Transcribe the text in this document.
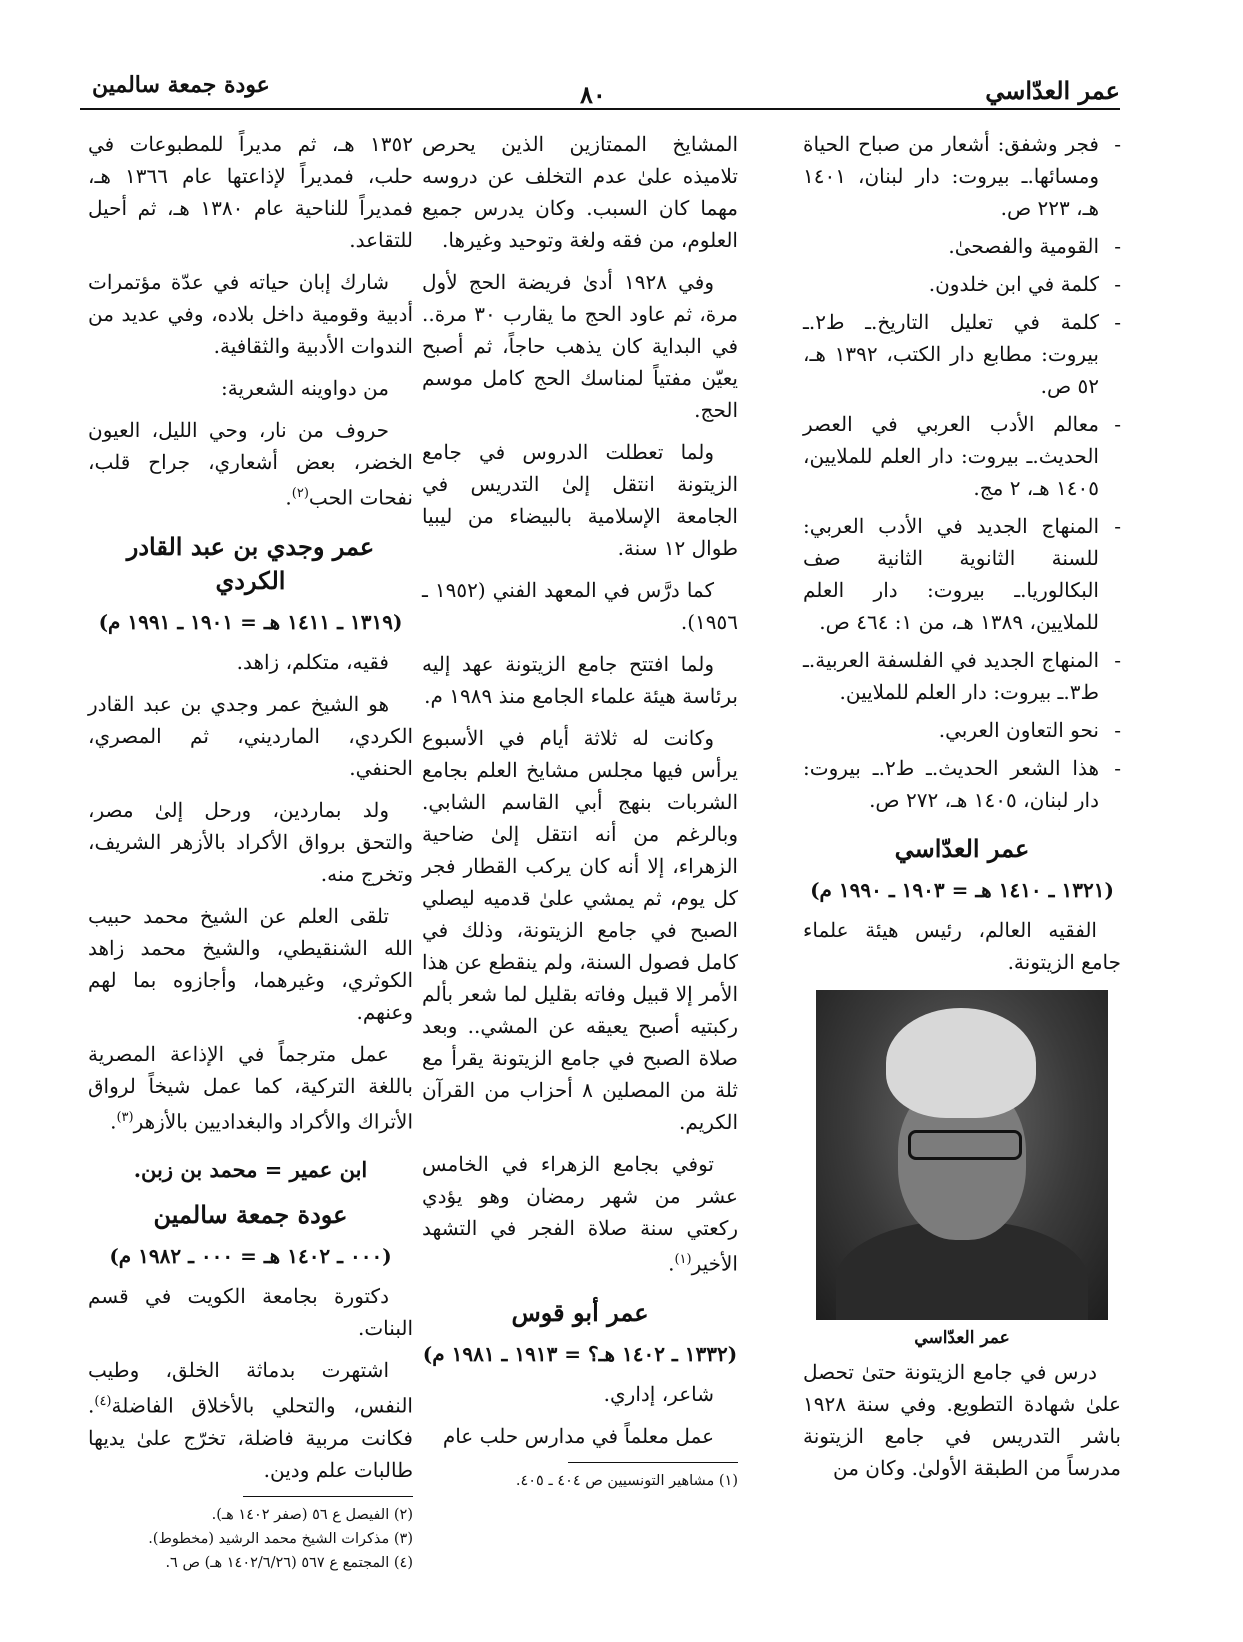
عمر العدّاسي
٨٠
عودة جمعة سالمين
- فجر وشفق: أشعار من صباح الحياة ومسائها.ـ بيروت: دار لبنان، ١٤٠١ هـ، ٢٢٣ ص.
- القومية والفصحىٰ.
- كلمة في ابن خلدون.
- كلمة في تعليل التاريخ.ـ ط٢.ـ بيروت: مطابع دار الكتب، ١٣٩٢ هـ، ٥٢ ص.
- معالم الأدب العربي في العصر الحديث.ـ بيروت: دار العلم للملايين، ١٤٠٥ هـ، ٢ مج.
- المنهاج الجديد في الأدب العربي: للسنة الثانوية الثانية صف البكالوريا.ـ بيروت: دار العلم للملايين، ١٣٨٩ هـ، من ١: ٤٦٤ ص.
- المنهاج الجديد في الفلسفة العربية.ـ ط٣.ـ بيروت: دار العلم للملايين.
- نحو التعاون العربي.
- هذا الشعر الحديث.ـ ط٢.ـ بيروت: دار لبنان، ١٤٠٥ هـ، ٢٧٢ ص.
عمر العدّاسي
(١٣٢١ ـ ١٤١٠ هـ = ١٩٠٣ ـ ١٩٩٠ م)

الفقيه العالم، رئيس هيئة علماء جامع الزيتونة.

عمر العدّاسي

درس في جامع الزيتونة حتىٰ تحصل علىٰ شهادة التطويع. وفي سنة ١٩٢٨ باشر التدريس في جامع الزيتونة مدرساً من الطبقة الأولىٰ. وكان من

المشايخ الممتازين الذين يحرص تلاميذه علىٰ عدم التخلف عن دروسه مهما كان السبب. وكان يدرس جميع العلوم، من فقه ولغة وتوحيد وغيرها.

وفي ١٩٢٨ أدىٰ فريضة الحج لأول مرة، ثم عاود الحج ما يقارب ٣٠ مرة.. في البداية كان يذهب حاجاً، ثم أصبح يعيّن مفتياً لمناسك الحج كامل موسم الحج.

ولما تعطلت الدروس في جامع الزيتونة انتقل إلىٰ التدريس في الجامعة الإسلامية بالبيضاء من ليبيا طوال ١٢ سنة.

كما درَّس في المعهد الفني (١٩٥٢ ـ ١٩٥٦).

ولما افتتح جامع الزيتونة عهد إليه برئاسة هيئة علماء الجامع منذ ١٩٨٩ م.

وكانت له ثلاثة أيام في الأسبوع يرأس فيها مجلس مشايخ العلم بجامع الشربات بنهج أبي القاسم الشابي. وبالرغم من أنه انتقل إلىٰ ضاحية الزهراء، إلا أنه كان يركب القطار فجر كل يوم، ثم يمشي علىٰ قدميه ليصلي الصبح في جامع الزيتونة، وذلك في كامل فصول السنة، ولم ينقطع عن هذا الأمر إلا قبيل وفاته بقليل لما شعر بألم ركبتيه أصبح يعيقه عن المشي.. وبعد صلاة الصبح في جامع الزيتونة يقرأ مع ثلة من المصلين ٨ أحزاب من القرآن الكريم.

توفي بجامع الزهراء في الخامس عشر من شهر رمضان وهو يؤدي ركعتي سنة صلاة الفجر في التشهد الأخير$^{(١)}$.

عمر أبو قوس
(١٣٣٢ ـ ١٤٠٢ هـ؟ = ١٩١٣ ـ ١٩٨١ م)

شاعر، إداري.

عمل معلماً في مدارس حلب عام

(١) مشاهير التونسيين ص ٤٠٤ ـ ٤٠٥.

١٣٥٢ هـ، ثم مديراً للمطبوعات في حلب، فمديراً لإذاعتها عام ١٣٦٦ هـ، فمديراً للناحية عام ١٣٨٠ هـ، ثم أحيل للتقاعد.

شارك إبان حياته في عدّة مؤتمرات أدبية وقومية داخل بلاده، وفي عديد من الندوات الأدبية والثقافية.

من دواوينه الشعرية:

حروف من نار، وحي الليل، العيون الخضر، بعض أشعاري، جراح قلب، نفحات الحب$^{(٢)}$.

عمر وجدي بن عبد القادر الكردي
(١٣١٩ ـ ١٤١١ هـ = ١٩٠١ ـ ١٩٩١ م)

فقيه، متكلم، زاهد.

هو الشيخ عمر وجدي بن عبد القادر الكردي، المارديني، ثم المصري، الحنفي.

ولد بماردين، ورحل إلىٰ مصر، والتحق برواق الأكراد بالأزهر الشريف، وتخرج منه.

تلقى العلم عن الشيخ محمد حبيب الله الشنقيطي، والشيخ محمد زاهد الكوثري، وغيرهما، وأجازوه بما لهم وعنهم.

عمل مترجماً في الإذاعة المصرية باللغة التركية، كما عمل شيخاً لرواق الأتراك والأكراد والبغداديين بالأزهر$^{(٣)}$.

ابن عمير = محمد بن زبن.
عودة جمعة سالمين
(٠٠٠ ـ ١٤٠٢ هـ = ٠٠٠ ـ ١٩٨٢ م)

دكتورة بجامعة الكويت في قسم البنات.

اشتهرت بدماثة الخلق، وطيب النفس، والتحلي بالأخلاق الفاضلة$^{(٤)}$. فكانت مربية فاضلة، تخرّج علىٰ يديها طالبات علم ودين.

(٢) الفيصل ع ٥٦ (صفر ١٤٠٢ هـ).

(٣) مذكرات الشيخ محمد الرشيد (مخطوط).

(٤) المجتمع ع ٥٦٧ (١٤٠٢/٦/٢٦ هـ) ص ٦.
